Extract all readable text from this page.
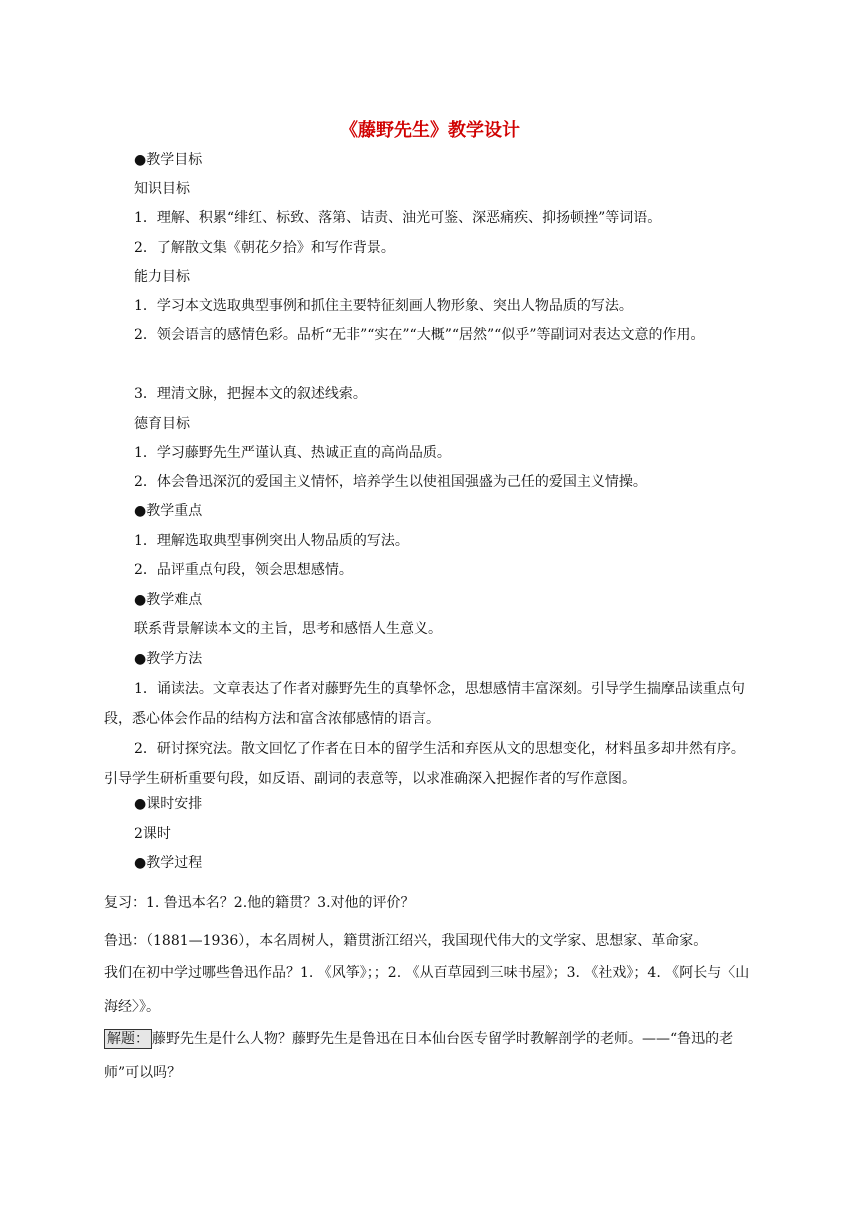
《藤野先生》教学设计
●教学目标
知识目标
1．理解、积累“绯红、标致、落第、诘责、油光可鉴、深恶痛疾、抑扬顿挫”等词语。
2．了解散文集《朝花夕拾》和写作背景。
能力目标
1．学习本文选取典型事例和抓住主要特征刻画人物形象、突出人物品质的写法。
2．领会语言的感情色彩。品析“无非”“实在”“大概”“居然”“似乎”等副词对表达文意的作用。
3．理清文脉，把握本文的叙述线索。
德育目标
1．学习藤野先生严谨认真、热诚正直的高尚品质。
2．体会鲁迅深沉的爱国主义情怀，培养学生以使祖国强盛为己任的爱国主义情操。
●教学重点
1．理解选取典型事例突出人物品质的写法。
2．品评重点句段，领会思想感情。
●教学难点
联系背景解读本文的主旨，思考和感悟人生意义。
●教学方法
1．诵读法。文章表达了作者对藤野先生的真挚怀念，思想感情丰富深刻。引导学生揣摩品读重点句段，悉心体会作品的结构方法和富含浓郁感情的语言。
2．研讨探究法。散文回忆了作者在日本的留学生活和弃医从文的思想变化，材料虽多却井然有序。引导学生研析重要句段，如反语、副词的表意等，以求准确深入把握作者的写作意图。
●课时安排
2课时
●教学过程
复习：1. 鲁迅本名？2.他的籍贯？3.对他的评价？
鲁迅：（1881—1936），本名周树人，籍贯浙江绍兴，我国现代伟大的文学家、思想家、革命家。
我们在初中学过哪些鲁迅作品？1. 《风筝》；；2. 《从百草园到三味书屋》；3. 《社戏》；4. 《阿长与〈山海经〉》。
解题： 藤野先生是什么人物？藤野先生是鲁迅在日本仙台医专留学时教解剖学的老师。——“鲁迅的老师”可以吗？
